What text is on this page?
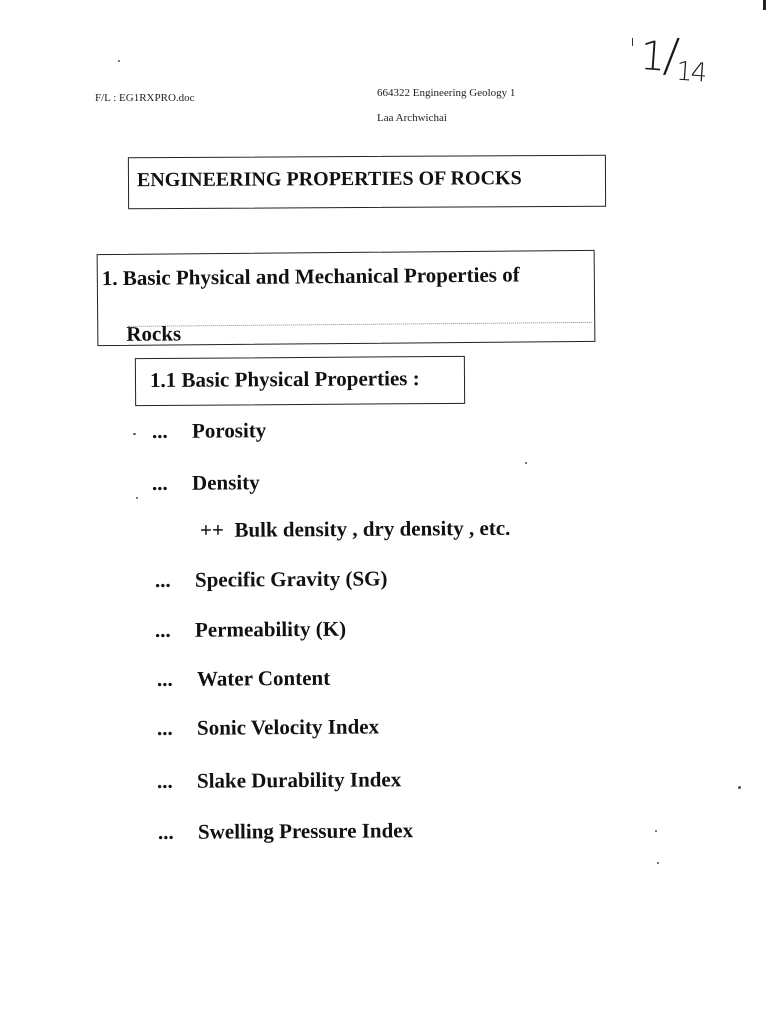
$1/_{14}$
F/L : EG1RXPRO.doc	664322 Engineering Geology 1
Laa Archwichai
ENGINEERING PROPERTIES OF ROCKS
1. Basic Physical and Mechanical Properties of
Rocks
1.1 Basic Physical Properties :
... Porosity
... Density
++ Bulk density , dry density , etc.
... Specific Gravity (SG)
... Permeability (K)
... Water Content
... Sonic Velocity Index
... Slake Durability Index
... Swelling Pressure Index
